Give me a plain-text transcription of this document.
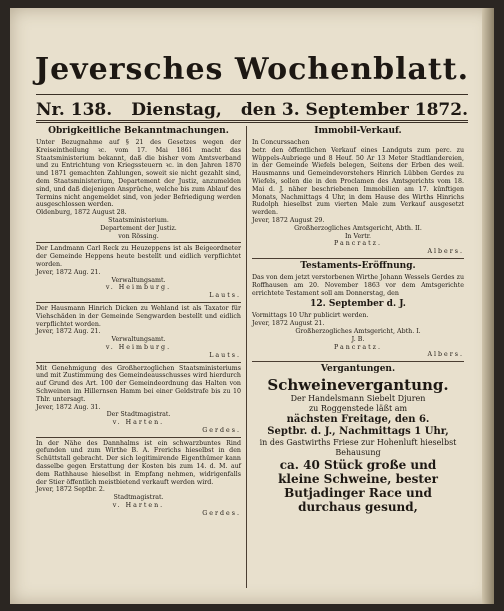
Jeversches Wochenblatt.
Nr. 138. Dienstag, den 3. September 1872.
Obrigkeitliche Bekanntmachungen.

Unter Bezugnahme auf § 21 des Gesetzes wegen der Kreiseintheilung ꝛc. vom 17. Mai 1861 macht das Staatsministerium bekannt, daß die bisher vom Amtsverband und zu Entrichtung von Kriegssteuern ꝛc. in den Jahren 1870 und 1871 gemachten Zahlungen, soweit sie nicht gezahlt sind, dem Staatsministerium, Departement der Justiz, anzumelden sind, und daß diejenigen Ansprüche, welche bis zum Ablauf des Termins nicht angemeldet sind, von jeder Befriedigung werden ausgeschlossen werden.

Oldenburg, 1872 August 28.

Staatsministerium.

Departement der Justiz.

von Rössing.

Der Landmann Carl Reck zu Heuzeppens ist als Beigeordneter der Gemeinde Heppens heute bestellt und eidlich verpflichtet worden.

Jever, 1872 Aug. 21.

Verwaltungsamt.

v. Heimburg.

Lauts.

Der Hausmann Hinrich Dicken zu Wehland ist als Taxator für Viehschäden in der Gemeinde Sengwarden bestellt und eidlich verpflichtet worden.

Jever, 1872 Aug. 21.

Verwaltungsamt.

v. Heimburg.

Lauts.

Mit Genehmigung des Großherzoglichen Staatsministeriums und mit Zustimmung des Gemeindeausschusses wird hierdurch auf Grund des Art. 100 der Gemeindeordnung das Halten von Schweinen im Hillernsen Hamm bei einer Geldstrafe bis zu 10 Thlr. untersagt.

Jever, 1872 Aug. 31.

Der Stadtmagistrat.

v. Harten.

Gerdes.

In der Nähe des Dannhalms ist ein schwarzbuntes Rind gefunden und zum Wirthe B. A. Frerichs hieselbst in den Schüttstall gebracht. Der sich legitimirende Eigenthümer kann dasselbe gegen Erstattung der Kosten bis zum 14. d. M. auf dem Rathhause hieselbst in Empfang nehmen, widrigenfalls der Stier öffentlich meistbietend verkauft werden wird.

Jever, 1872 Septbr. 2.

Stadtmagistrat.

v. Harten.

Gerdes.

Immobil-Verkauf.

In Concurssachen

betr. den öffentlichen Verkauf eines Landguts zum perc. zu Wüppels-Aubriege und 8 Heuf. 50 Ar 13 Meter Stadtlandereien, in der Gemeinde Wiefels belegen, Seitens der Erben des weil. Hausmanns und Gemeindevorstehers Hinrich Lübben Gerdes zu Wiefels, sollen die in den Proclamen des Amtsgerichts vom 18. Mai d. J. näher beschriebenen Immobilien am 17. künftigen Monats, Nachmittags 4 Uhr, in dem Hause des Wirths Hinrichs Rudolph hieselbst zum vierten Male zum Verkauf ausgesetzt werden.

Jever, 1872 August 29.

Großherzogliches Amtsgericht, Abth. II.

In Vertr.

Pancratz.

Albers.

Testaments-Eröffnung.

Das von dem jetzt verstorbenen Wirthe Johann Wessels Gerdes zu Roffhausen am 20. November 1863 vor dem Amtsgerichte errichtete Testament soll am Donnerstag, den

12. September d. J.

Vormittags 10 Uhr publicirt werden.

Jever, 1872 August 21.

Großherzogliches Amtsgericht, Abth. I.

J. B.

Pancratz.

Albers.

Vergantungen.
Schweinevergantung.
Der Handelsmann Siebelt Djuren
zu Roggenstede läßt am
nächsten Freitage, den 6.
Septbr. d. J., Nachmittags 1 Uhr,
in des Gastwirths Friese zur Hohenluft hieselbst Behausung
ca. 40 Stück große und
kleine Schweine, bester
Butjadinger Race und
durchaus gesund,
